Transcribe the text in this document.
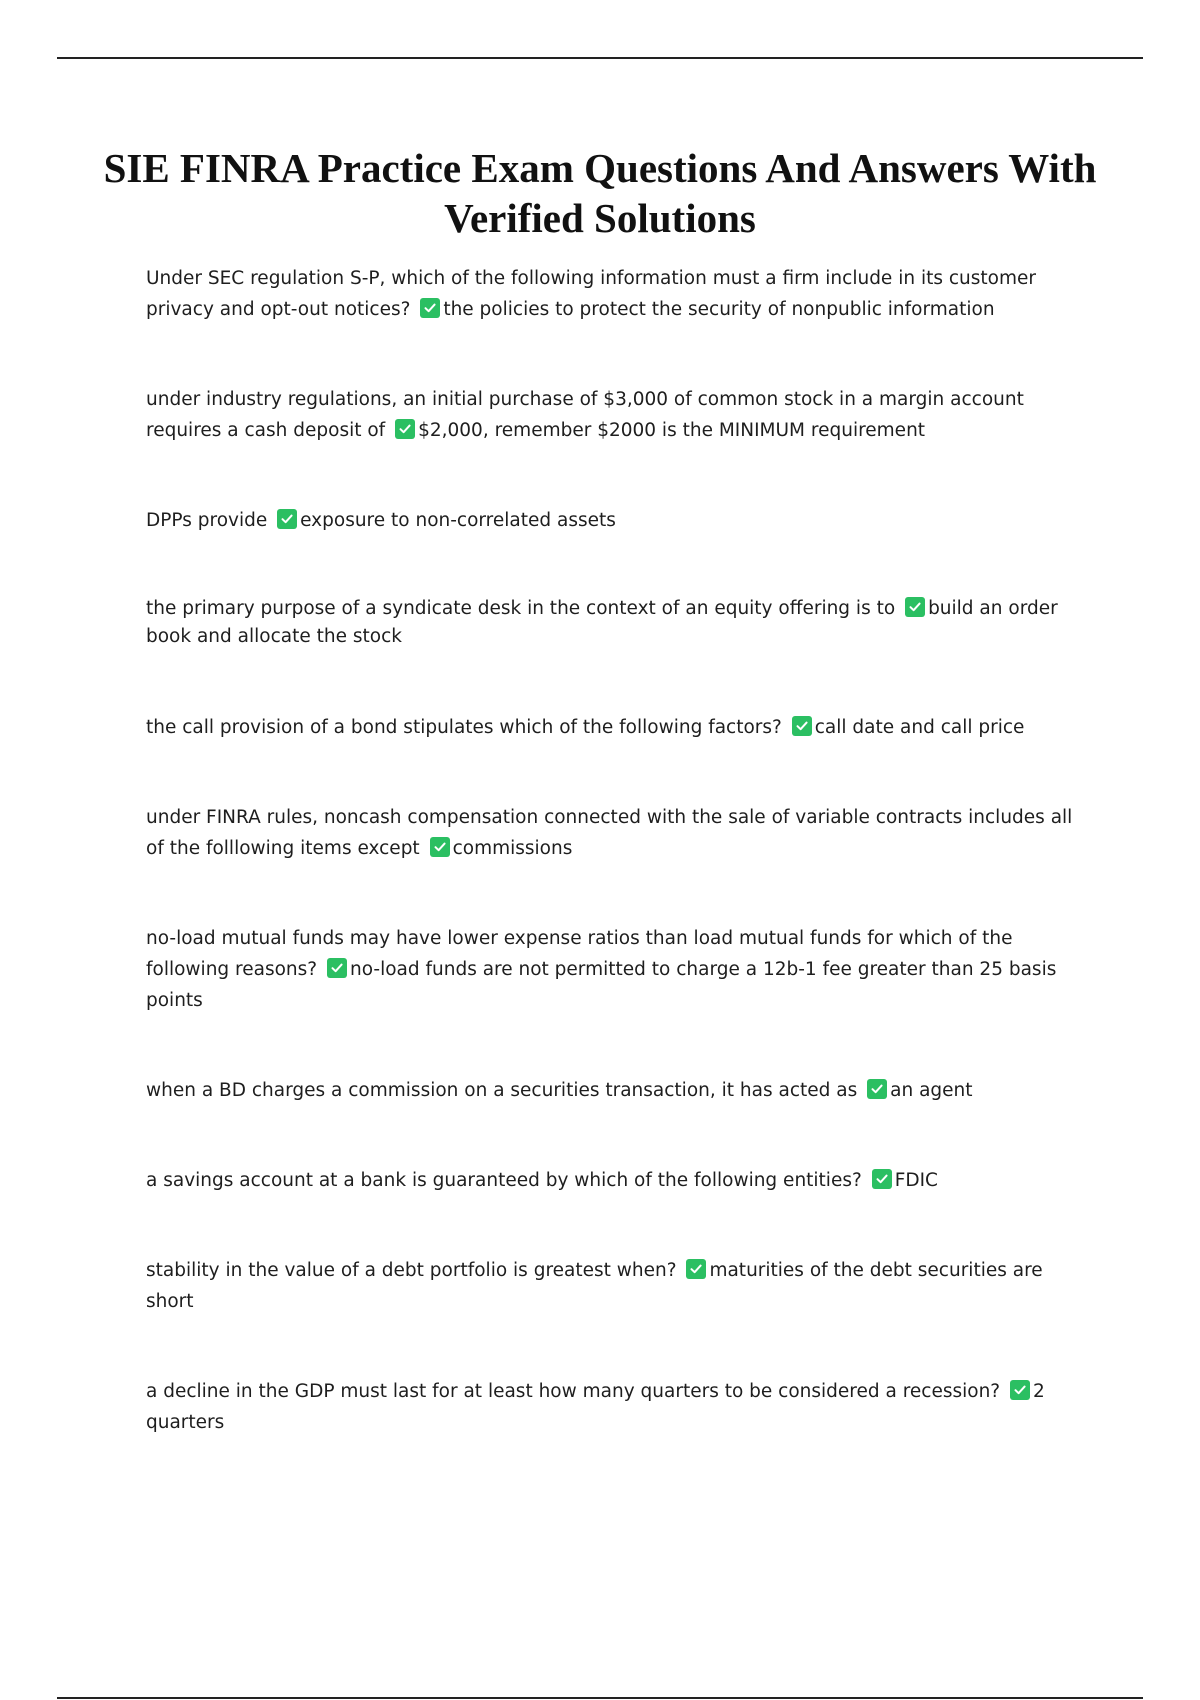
SIE FINRA Practice Exam Questions And Answers With Verified Solutions

Under SEC regulation S-P, which of the following information must a firm include in its customer privacy and opt-out notices? the policies to protect the security of nonpublic information

under industry regulations, an initial purchase of $3,000 of common stock in a margin account requires a cash deposit of $2,000, remember $2000 is the MINIMUM requirement

DPPs provide exposure to non-correlated assets

the primary purpose of a syndicate desk in the context of an equity offering is to build an order book and allocate the stock

the call provision of a bond stipulates which of the following factors? call date and call price

under FINRA rules, noncash compensation connected with the sale of variable contracts includes all of the folllowing items except commissions

no-load mutual funds may have lower expense ratios than load mutual funds for which of the following reasons? no-load funds are not permitted to charge a 12b-1 fee greater than 25 basis points

when a BD charges a commission on a securities transaction, it has acted as an agent

a savings account at a bank is guaranteed by which of the following entities? FDIC

stability in the value of a debt portfolio is greatest when? maturities of the debt securities are short

a decline in the GDP must last for at least how many quarters to be considered a recession? 2 quarters
